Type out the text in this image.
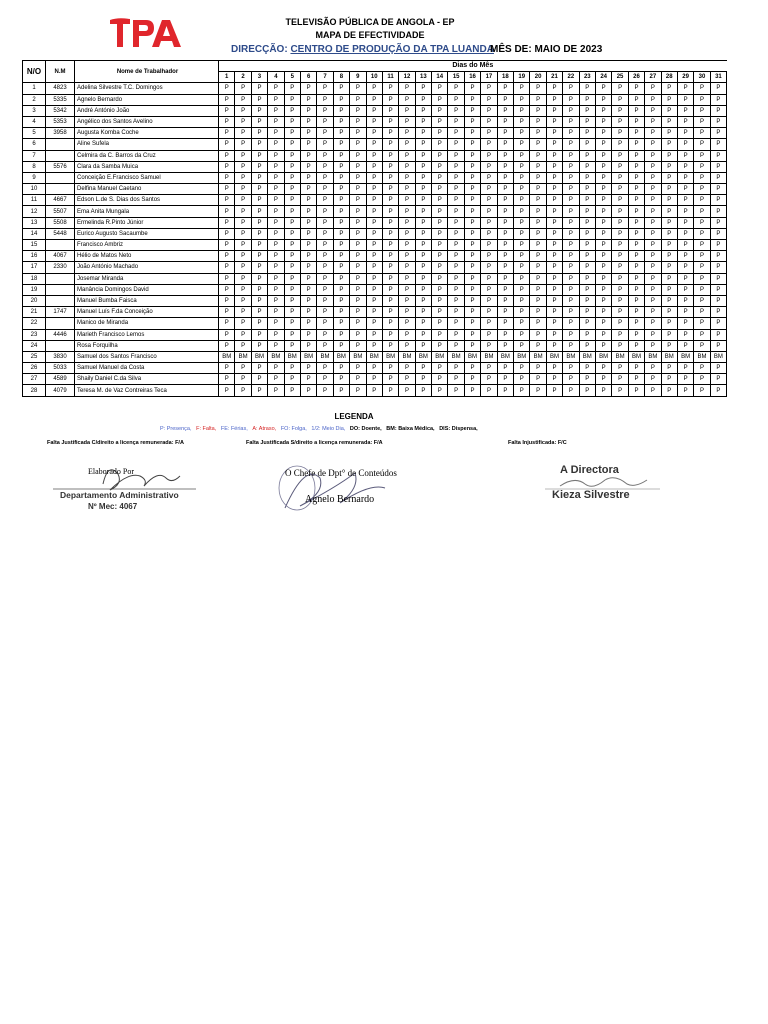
TELEVISÃO PÚBLICA DE ANGOLA - EP
MAPA DE EFECTIVIDADE
DIRECÇÃO: CENTRO DE PRODUÇÃO DA TPA LUANDA
MÊS DE: MAIO DE 2023
N/O	N.M	Nome de Trabalhador	Dias do Mês																														
			1	2	3	4	5	6	7	8	9	10	11	12	13	14	15	16	17	18	19	20	21	22	23	24	25	26	27	28	29	30	31
1	4823	Adelina Silvestre T.C. Domingos	P	P	P	P	P	P	P	P	P	P	P	P	P	P	P	P	P	P	P	P	P	P	P	P	P	P	P	P	P	P	P
2	5335	Agnelo Bernardo	P	P	P	P	P	P	P	P	P	P	P	P	P	P	P	P	P	P	P	P	P	P	P	P	P	P	P	P	P	P	P
3	5342	André António João	P	P	P	P	P	P	P	P	P	P	P	P	P	P	P	P	P	P	P	P	P	P	P	P	P	P	P	P	P	P	P
4	5353	Angélico dos Santos Avelino	P	P	P	P	P	P	P	P	P	P	P	P	P	P	P	P	P	P	P	P	P	P	P	P	P	P	P	P	P	P	P
5	3958	Augusta Komba Coche	P	P	P	P	P	P	P	P	P	P	P	P	P	P	P	P	P	P	P	P	P	P	P	P	P	P	P	P	P	P	P
6		Aline Sufela	P	P	P	P	P	P	P	P	P	P	P	P	P	P	P	P	P	P	P	P	P	P	P	P	P	P	P	P	P	P	P
7		Celmira da C. Barros da Cruz	P	P	P	P	P	P	P	P	P	P	P	P	P	P	P	P	P	P	P	P	P	P	P	P	P	P	P	P	P	P	P
8	5576	Clara da Samba Muica	P	P	P	P	P	P	P	P	P	P	P	P	P	P	P	P	P	P	P	P	P	P	P	P	P	P	P	P	P	P	P
9		Conceição E.Francisco Samuel	P	P	P	P	P	P	P	P	P	P	P	P	P	P	P	P	P	P	P	P	P	P	P	P	P	P	P	P	P	P	P
10		Delfina Manuel Caetano	P	P	P	P	P	P	P	P	P	P	P	P	P	P	P	P	P	P	P	P	P	P	P	P	P	P	P	P	P	P	P
11	4667	Edson L.de S. Dias dos Santos	P	P	P	P	P	P	P	P	P	P	P	P	P	P	P	P	P	P	P	P	P	P	P	P	P	P	P	P	P	P	P
12	5507	Ema Anita Mungala	P	P	P	P	P	P	P	P	P	P	P	P	P	P	P	P	P	P	P	P	P	P	P	P	P	P	P	P	P	P	P
13	5508	Ermelinda R.Pinto Júnior	P	P	P	P	P	P	P	P	P	P	P	P	P	P	P	P	P	P	P	P	P	P	P	P	P	P	P	P	P	P	P
14	5448	Eurico Augusto Sacaumbe	P	P	P	P	P	P	P	P	P	P	P	P	P	P	P	P	P	P	P	P	P	P	P	P	P	P	P	P	P	P	P
15		Francisco Ambriz	P	P	P	P	P	P	P	P	P	P	P	P	P	P	P	P	P	P	P	P	P	P	P	P	P	P	P	P	P	P	P
16	4067	Hélio de Matos Neto	P	P	P	P	P	P	P	P	P	P	P	P	P	P	P	P	P	P	P	P	P	P	P	P	P	P	P	P	P	P	P
17	2330	João António Machado	P	P	P	P	P	P	P	P	P	P	P	P	P	P	P	P	P	P	P	P	P	P	P	P	P	P	P	P	P	P	P
18		Josemar Miranda	P	P	P	P	P	P	P	P	P	P	P	P	P	P	P	P	P	P	P	P	P	P	P	P	P	P	P	P	P	P	P
19		Manância Domingos David	P	P	P	P	P	P	P	P	P	P	P	P	P	P	P	P	P	P	P	P	P	P	P	P	P	P	P	P	P	P	P
20		Manuel Bumba Faisca	P	P	P	P	P	P	P	P	P	P	P	P	P	P	P	P	P	P	P	P	P	P	P	P	P	P	P	P	P	P	P
21	1747	Manuel Luís F.da Conceição	P	P	P	P	P	P	P	P	P	P	P	P	P	P	P	P	P	P	P	P	P	P	P	P	P	P	P	P	P	P	P
22		Manico de Miranda	P	P	P	P	P	P	P	P	P	P	P	P	P	P	P	P	P	P	P	P	P	P	P	P	P	P	P	P	P	P	P
23	4446	Marieth Francisco Lemos	P	P	P	P	P	P	P	P	P	P	P	P	P	P	P	P	P	P	P	P	P	P	P	P	P	P	P	P	P	P	P
24		Rosa Forquilha	P	P	P	P	P	P	P	P	P	P	P	P	P	P	P	P	P	P	P	P	P	P	P	P	P	P	P	P	P	P	P
25	3830	Samuel dos Santos Francisco	BM	BM	BM	BM	BM	BM	BM	BM	BM	BM	BM	BM	BM	BM	BM	BM	BM	BM	BM	BM	BM	BM	BM	BM	BM	BM	BM	BM	BM	BM	BM
26	5033	Samuel Manuel da Costa	P	P	P	P	P	P	P	P	P	P	P	P	P	P	P	P	P	P	P	P	P	P	P	P	P	P	P	P	P	P	P
27	4589	Shaily Daniel C.da Silva	P	P	P	P	P	P	P	P	P	P	P	P	P	P	P	P	P	P	P	P	P	P	P	P	P	P	P	P	P	P	P
28	4079	Teresa M. de Vaz Contreiras Teca	P	P	P	P	P	P	P	P	P	P	P	P	P	P	P	P	P	P	P	P	P	P	P	P	P	P	P	P	P	P	P
LEGENDA
P: Presença, F: Falta, FE: Férias, A: Atraso, FO: Folga, 1/2: Meio Dia, DO: Doente, BM: Baixa Médica, DIS: Dispensa,
Falta Justificada C/direito a licença remunerada: F/A	Falta Justificada S/direito a licença remunerada: F/A	Falta Injustificada: F/C
Elaborado Por
Departamento Administrativo
Nº Mec: 4067
O Chefe de Dpt° de Conteúdos
Agnelo Bernardo
A Directora
Kieza Silvestre
